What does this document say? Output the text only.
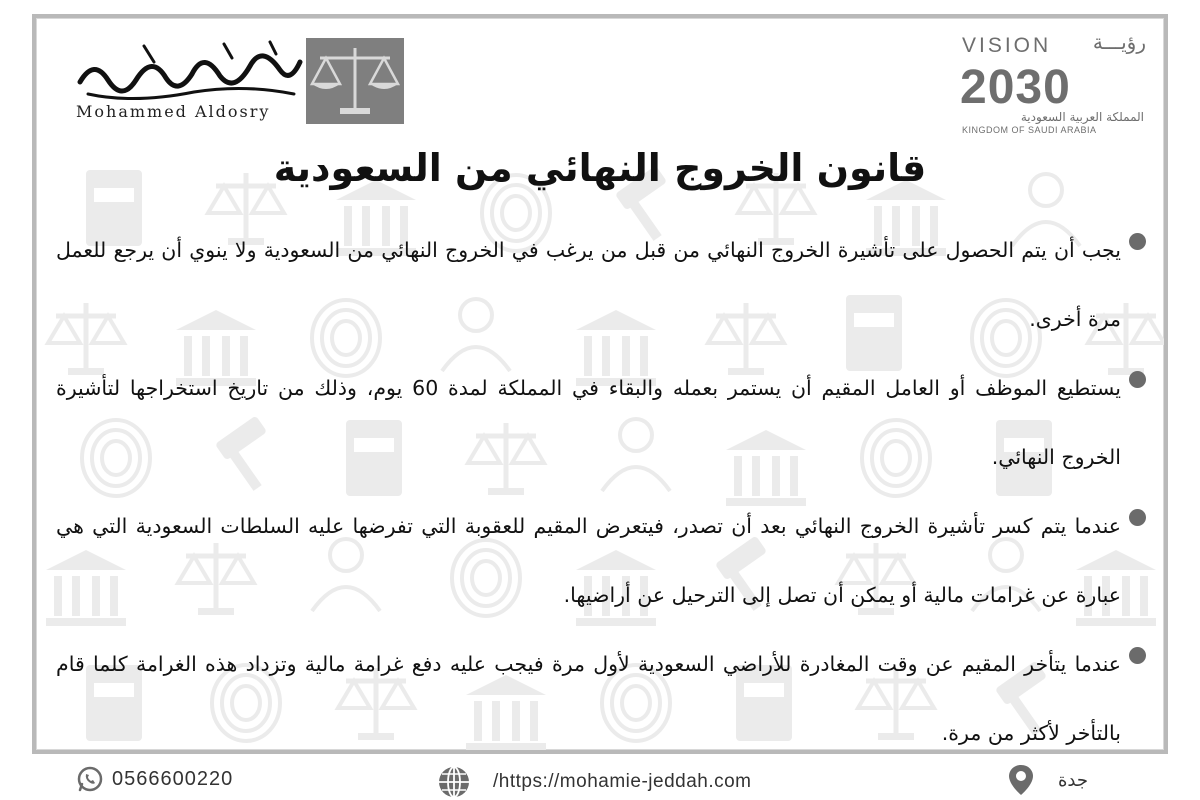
Mohammed Aldosry
VISION رؤيـــة
2030
المملكة العربية السعودية
KINGDOM OF SAUDI ARABIA
قانون الخروج النهائي من السعودية
يجب أن يتم الحصول على تأشيرة الخروج النهائي من قبل من يرغب في الخروج النهائي من السعودية ولا ينوي أن يرجع للعمل مرة أخرى.
يستطيع الموظف أو العامل المقيم أن يستمر بعمله والبقاء في المملكة لمدة 60 يوم، وذلك من تاريخ استخراجها لتأشيرة الخروج النهائي.
عندما يتم كسر تأشيرة الخروج النهائي بعد أن تصدر، فيتعرض المقيم للعقوبة التي تفرضها عليه السلطات السعودية التي هي عبارة عن غرامات مالية أو يمكن أن تصل إلى الترحيل عن أراضيها.
عندما يتأخر المقيم عن وقت المغادرة للأراضي السعودية لأول مرة فيجب عليه دفع غرامة مالية وتزداد هذه الغرامة كلما قام بالتأخر لأكثر من مرة.
0566600220	/https://mohamie-jeddah.com	جدة
